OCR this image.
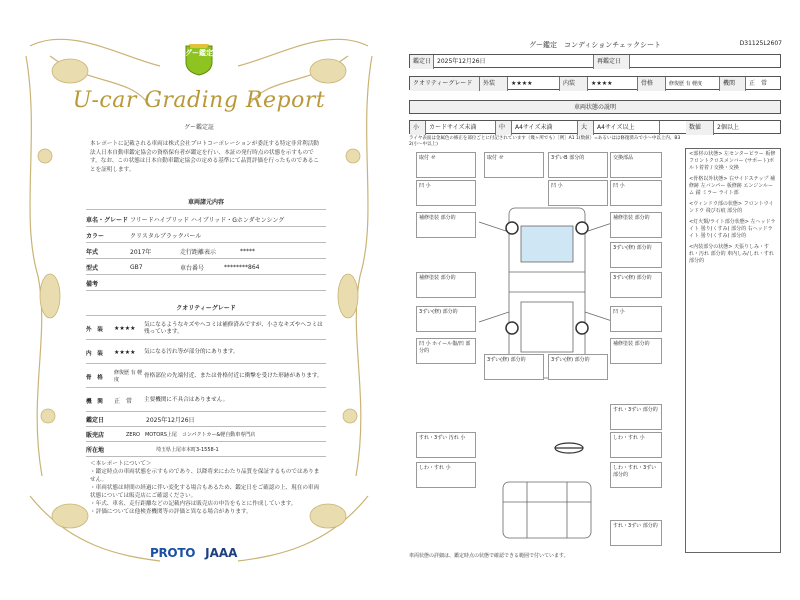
グー鑑定
U-car Grading Report
グー鑑定証
本レポートに記載される車両は株式会社プロトコーポレーションが委託する特定非営利活動法人日本自動車鑑定協会の資格保有者が鑑定を行い、本証の発行時点の状態を示すものです。なお、この状態は日本自動車鑑定協会の定める基準にて品質評価を行ったものであることを証明します。
車両諸元内容
車名・グレード フリードハイブリッド ハイブリッド・Gホンダセンシング
カラー	クリスタルブラックパール
年式	2017年	走行距離表示	*****
型式	GB7	車台番号	********864
備考
クオリティーグレード
外　装	★★★★
気になるようなキズやヘコミは補修済みですが、小さなキズやヘコミは残っています。
内　装	★★★★	気になる汚れ等が部分的にあります。
骨　格
修復歴 有 軽度
骨格部位の先端付近、または骨格付近に衝撃を受けた形跡があります。
機　関	正　常	主要機関に不具合はありません。
鑑定日	2025年12月26日
販売店	ZERO　MOTORS上尾　コンパクトカー&軽自動車専門店
所在地	埼玉県上尾市本町3-1558-1
＜本レポートについて＞
・鑑定時点の車両状態を示すものであり、以降将来にわたり品質を保証するものではありません。
・車両状態は時間の経過に伴い変化する場合もあるため、鑑定日をご確認の上、現在の車両状態については販売店にご確認ください。
・年式、車名、走行距離などの記載内容は販売店の申告をもとに作成しています。
・評価については他検査機関等の評価と異なる場合があります。
PROTO JAAA
グー鑑定　コンディションチェックシート	D31125L2607
鑑定日 2025年12月26日	再鑑定日
クオリティーグレード	外装	★★★★	内装	★★★★	骨格	修復歴 有 軽度	機関	正　常
車両状態の説明
小	カードサイズ未満	中	A4サイズ未満	大	A4サイズ以上	数値	2個以上
ライヤ表面は金属色の修正を部位ごとに付記されています（幾ヶ所でも）［例］A1 1(数値）=あるいはは修復済みで小～中以上内、B3 2(小～中以上)
取付 せ	取付 せ	3ずいB 部分的	交換部品
凹 小	凹 小	凹 小
補修塗装 部分的	補修塗装 部分的
3ずい(修) 部分的
補修塗装 部分的	3ずい(修) 部分的
3ずい(修) 部分的	凹 小
凹 小 ホイール傷/凹 部分的
補修塗装 部分的
3ずい(修) 部分的	3ずい(修) 部分的
すれ・3ずい 部分的
すれ・3ずい 汚れ 小	しわ・すれ 小
しわ・すれ 小	しわ・すれ・3ずい 部分的
すれ・3ずい 部分的
<部材の状態> 左センターピラー 板修 フロントクロスメンバー (サポート)ボルト着着 / 交換・交換
<骨格以外状態> 右サイドステップ 補修跡 左バンパー 板修跡 エンジンルーム 錆 ミラー ライト部
<ウィンドウ部の状態> フロントウインドウ 飛び石痕 部分的
<灯火類/ライト部分状態> 左ヘッドライト 曇り(くすみ) 部分的 右ヘッドライト 曇り(くすみ) 部分的
<内装部分の状態> 天張りしみ・すれ・汚れ 部分的 車内しみ/しれ・すれ 部分的
車両状態の詳細は、鑑定時点の状態で確認できる範囲で付いています。
